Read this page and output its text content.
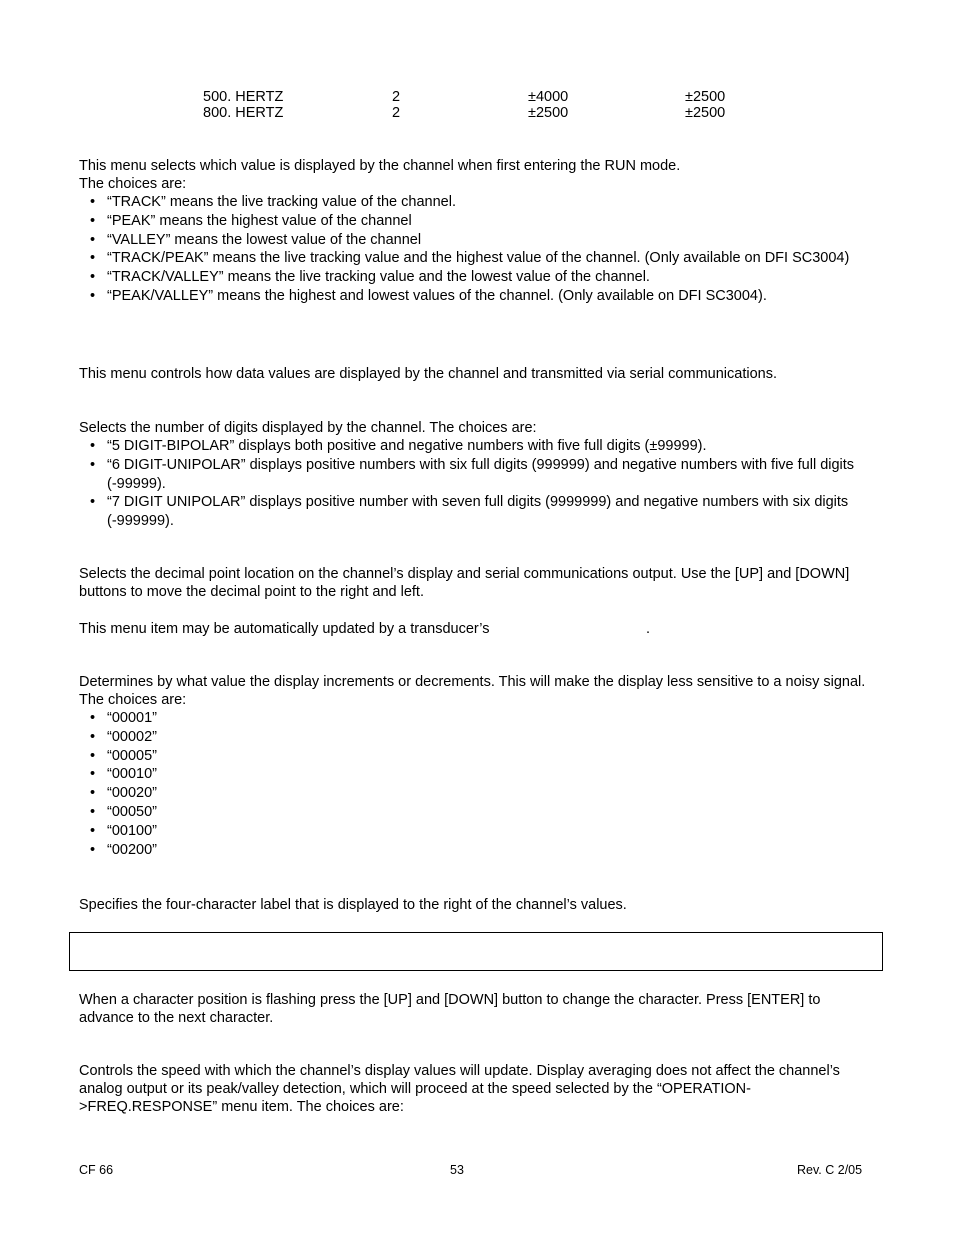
500. HERTZ	2	±4000	±2500
800. HERTZ	2	±2500	±2500

This menu selects which value is displayed by the channel when first entering the RUN mode.

The choices are:

• “TRACK” means the live tracking value of the channel.
• “PEAK” means the highest value of the channel
• “VALLEY” means the lowest value of the channel
• “TRACK/PEAK” means the live tracking value and the highest value of the channel. (Only available on DFI SC3004)
• “TRACK/VALLEY” means the live tracking value and the lowest value of the channel.
• “PEAK/VALLEY” means the highest and lowest values of the channel. (Only available on DFI SC3004).

This menu controls how data values are displayed by the channel and transmitted via serial communications.

Selects the number of digits displayed by the channel. The choices are:

• “5 DIGIT-BIPOLAR” displays both positive and negative numbers with five full digits (±99999).
• “6 DIGIT-UNIPOLAR” displays positive numbers with six full digits (999999) and negative numbers with five full digits (-99999).
• “7 DIGIT UNIPOLAR” displays positive number with seven full digits (9999999) and negative numbers with six digits (-999999).

Selects the decimal point location on the channel’s display and serial communications output. Use the [UP] and [DOWN] buttons to move the decimal point to the right and left.

This menu item may be automatically updated by a transducer’s	.

Determines by what value the display increments or decrements. This will make the display less sensitive to a noisy signal. The choices are:

• “00001”
• “00002”
• “00005”
• “00010”
• “00020”
• “00050”
• “00100”
• “00200”

Specifies the four-character label that is displayed to the right of the channel’s values.

When a character position is flashing press the [UP] and [DOWN] button to change the character. Press [ENTER] to advance to the next character.

Controls the speed with which the channel’s display values will update. Display averaging does not affect the channel’s analog output or its peak/valley detection, which will proceed at the speed selected by the “OPERATION->FREQ.RESPONSE” menu item. The choices are:

CF 66	53	Rev. C 2/05
